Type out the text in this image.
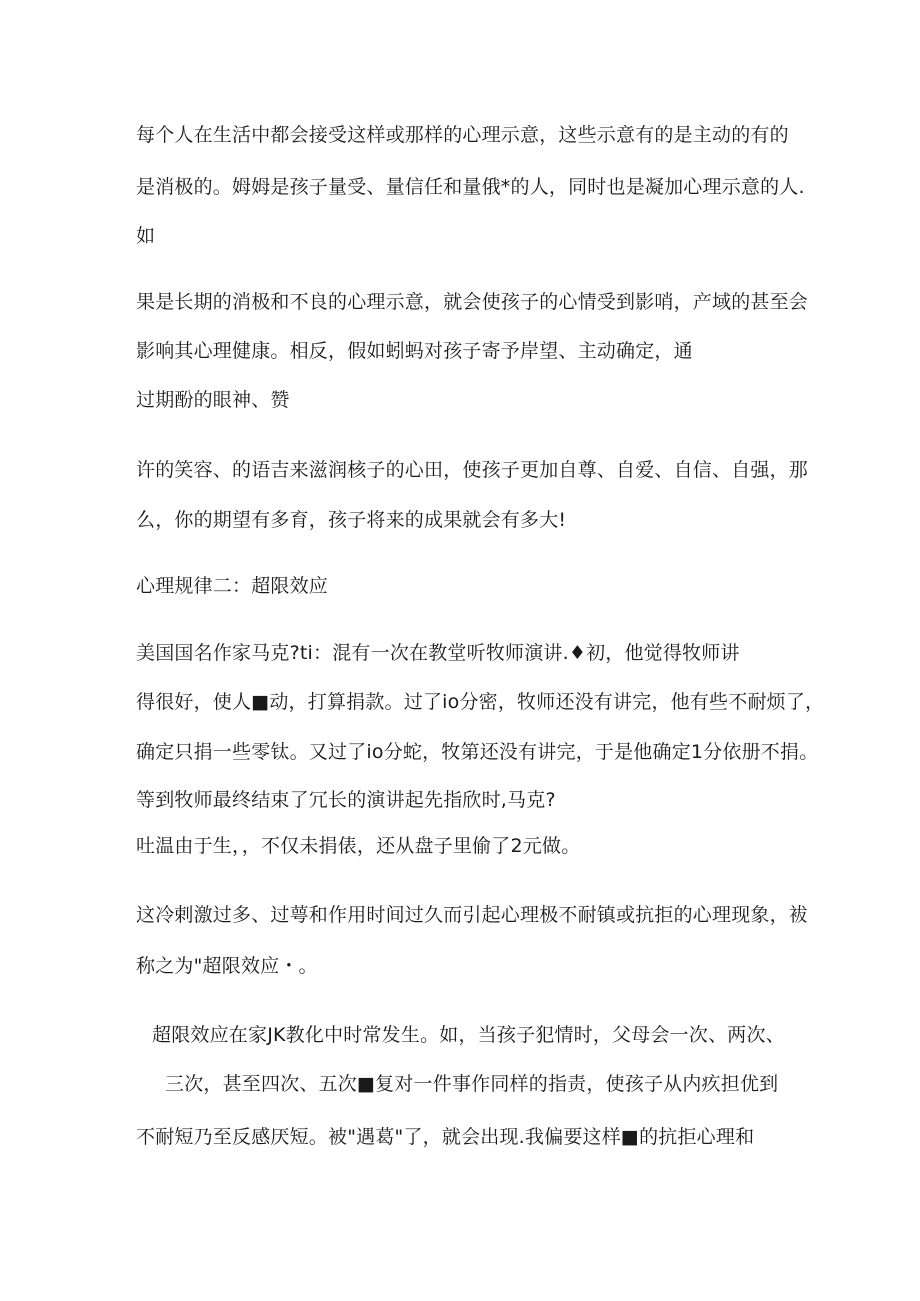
每个人在生活中都会接受这样或那样的心理示意，这些示意有的是主动的有的

是消极的。姆姆是孩子量受、量信任和量俄*的人，同时也是凝加心理示意的人.

如

果是长期的消极和不良的心理示意，就会使孩子的心情受到影哨，产域的甚至会

影响其心理健康。相反，假如蚓蚂对孩子寄予岸望、主动确定，通

过期酚的眼神、赞

许的笑容、的语吉来滋润核子的心田，使孩子更加自尊、自爱、自信、自强，那

么，你的期望有多育，孩子将来的成果就会有多大!

心理规律二：超限效应

美国国名作家马克?ti：混有一次在教堂听牧师演讲.♦初，他觉得牧师讲

得很好，使人■动，打算捐款。过了io分密，牧师还没有讲完，他有些不耐烦了，

确定只捐一些零钛。又过了io分蛇，牧第还没有讲完，于是他确定1分依册不捐。

等到牧师最终结束了冗长的演讲起先指欣时,马克?

吐温由于生，，不仅未捐俵，还从盘子里偷了2元做。

这冷剌激过多、过萼和作用时间过久而引起心理极不耐镇或抗拒的心理现象，袚

称之为"超限效应・。

超限效应在家JK教化中时常发生。如，当孩子犯情时，父母会一次、两次、

三次，甚至四次、五次■复对一件事作同样的指责，使孩子从内疚担优到

不耐短乃至反感厌短。被"遇葛"了，就会出现.我偏要这样■的抗拒心理和
